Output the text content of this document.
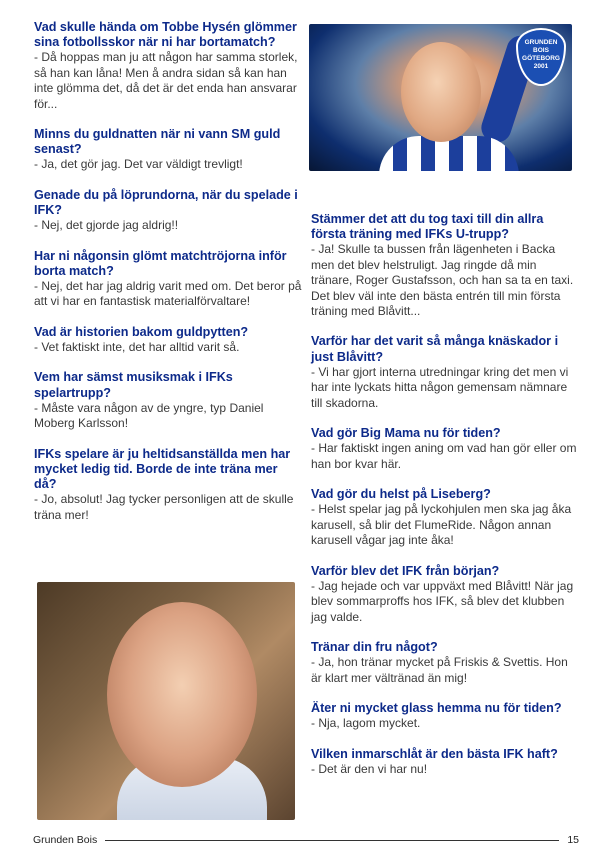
Vad skulle hända om Tobbe Hysén glömmer sina fotbollsskor när ni har bortamatch?

- Då hoppas man ju att någon har samma storlek, så han kan låna! Men å andra sidan så kan han inte glömma det, då det är det enda han ansvarar för...

Minns du guldnatten när ni vann SM guld senast?

- Ja, det gör jag. Det var väldigt trevligt!

Genade du på löprundorna, när du spelade i IFK?

- Nej, det gjorde jag aldrig!!

Har ni någonsin glömt matchtröjorna inför borta match?

- Nej, det har jag aldrig varit med om. Det beror på att vi har en fantastisk materialförvaltare!

Vad är historien bakom guldpytten?

- Vet faktiskt inte, det har alltid varit så.

Vem har sämst musiksmak i IFKs spelartrupp?

- Måste vara någon av de yngre, typ Daniel Moberg Karlsson!

IFKs spelare är ju heltidsanställda men har mycket ledig tid. Borde de inte träna mer då?

- Jo, absolut! Jag tycker personligen att de skulle träna mer!

GRUNDEN
BOIS
GÖTEBORG
2001

Stämmer det att du tog taxi till din allra första träning med IFKs U-trupp?

- Ja! Skulle ta bussen från lägenheten i Backa men det blev helstruligt. Jag ringde då min tränare, Roger Gustafsson, och han sa ta en taxi. Det blev väl inte den bästa entrén till min första träning med Blåvitt...

Varför har det varit så många knäskador i just Blåvitt?

- Vi har gjort interna utredningar kring det men vi har inte lyckats hitta någon gemensam nämnare till skadorna.

Vad gör Big Mama nu för tiden?

- Har faktiskt ingen aning om vad han gör eller om han bor kvar här.

Vad gör du helst på Liseberg?

- Helst spelar jag på lyckohjulen men ska jag åka karusell, så blir det FlumeRide. Någon annan karusell vågar jag inte åka!

Varför blev det IFK från början?

- Jag hejade och var uppväxt med Blåvitt! När jag blev sommarproffs hos IFK, så blev det klubben jag valde.

Tränar din fru något?

- Ja, hon tränar mycket på Friskis & Svettis. Hon är klart mer vältränad än mig!

Äter ni mycket glass hemma nu för tiden?

- Nja, lagom mycket.

Vilken inmarschlåt är den bästa IFK haft?

- Det är den vi har nu!

Grunden Bois	15
